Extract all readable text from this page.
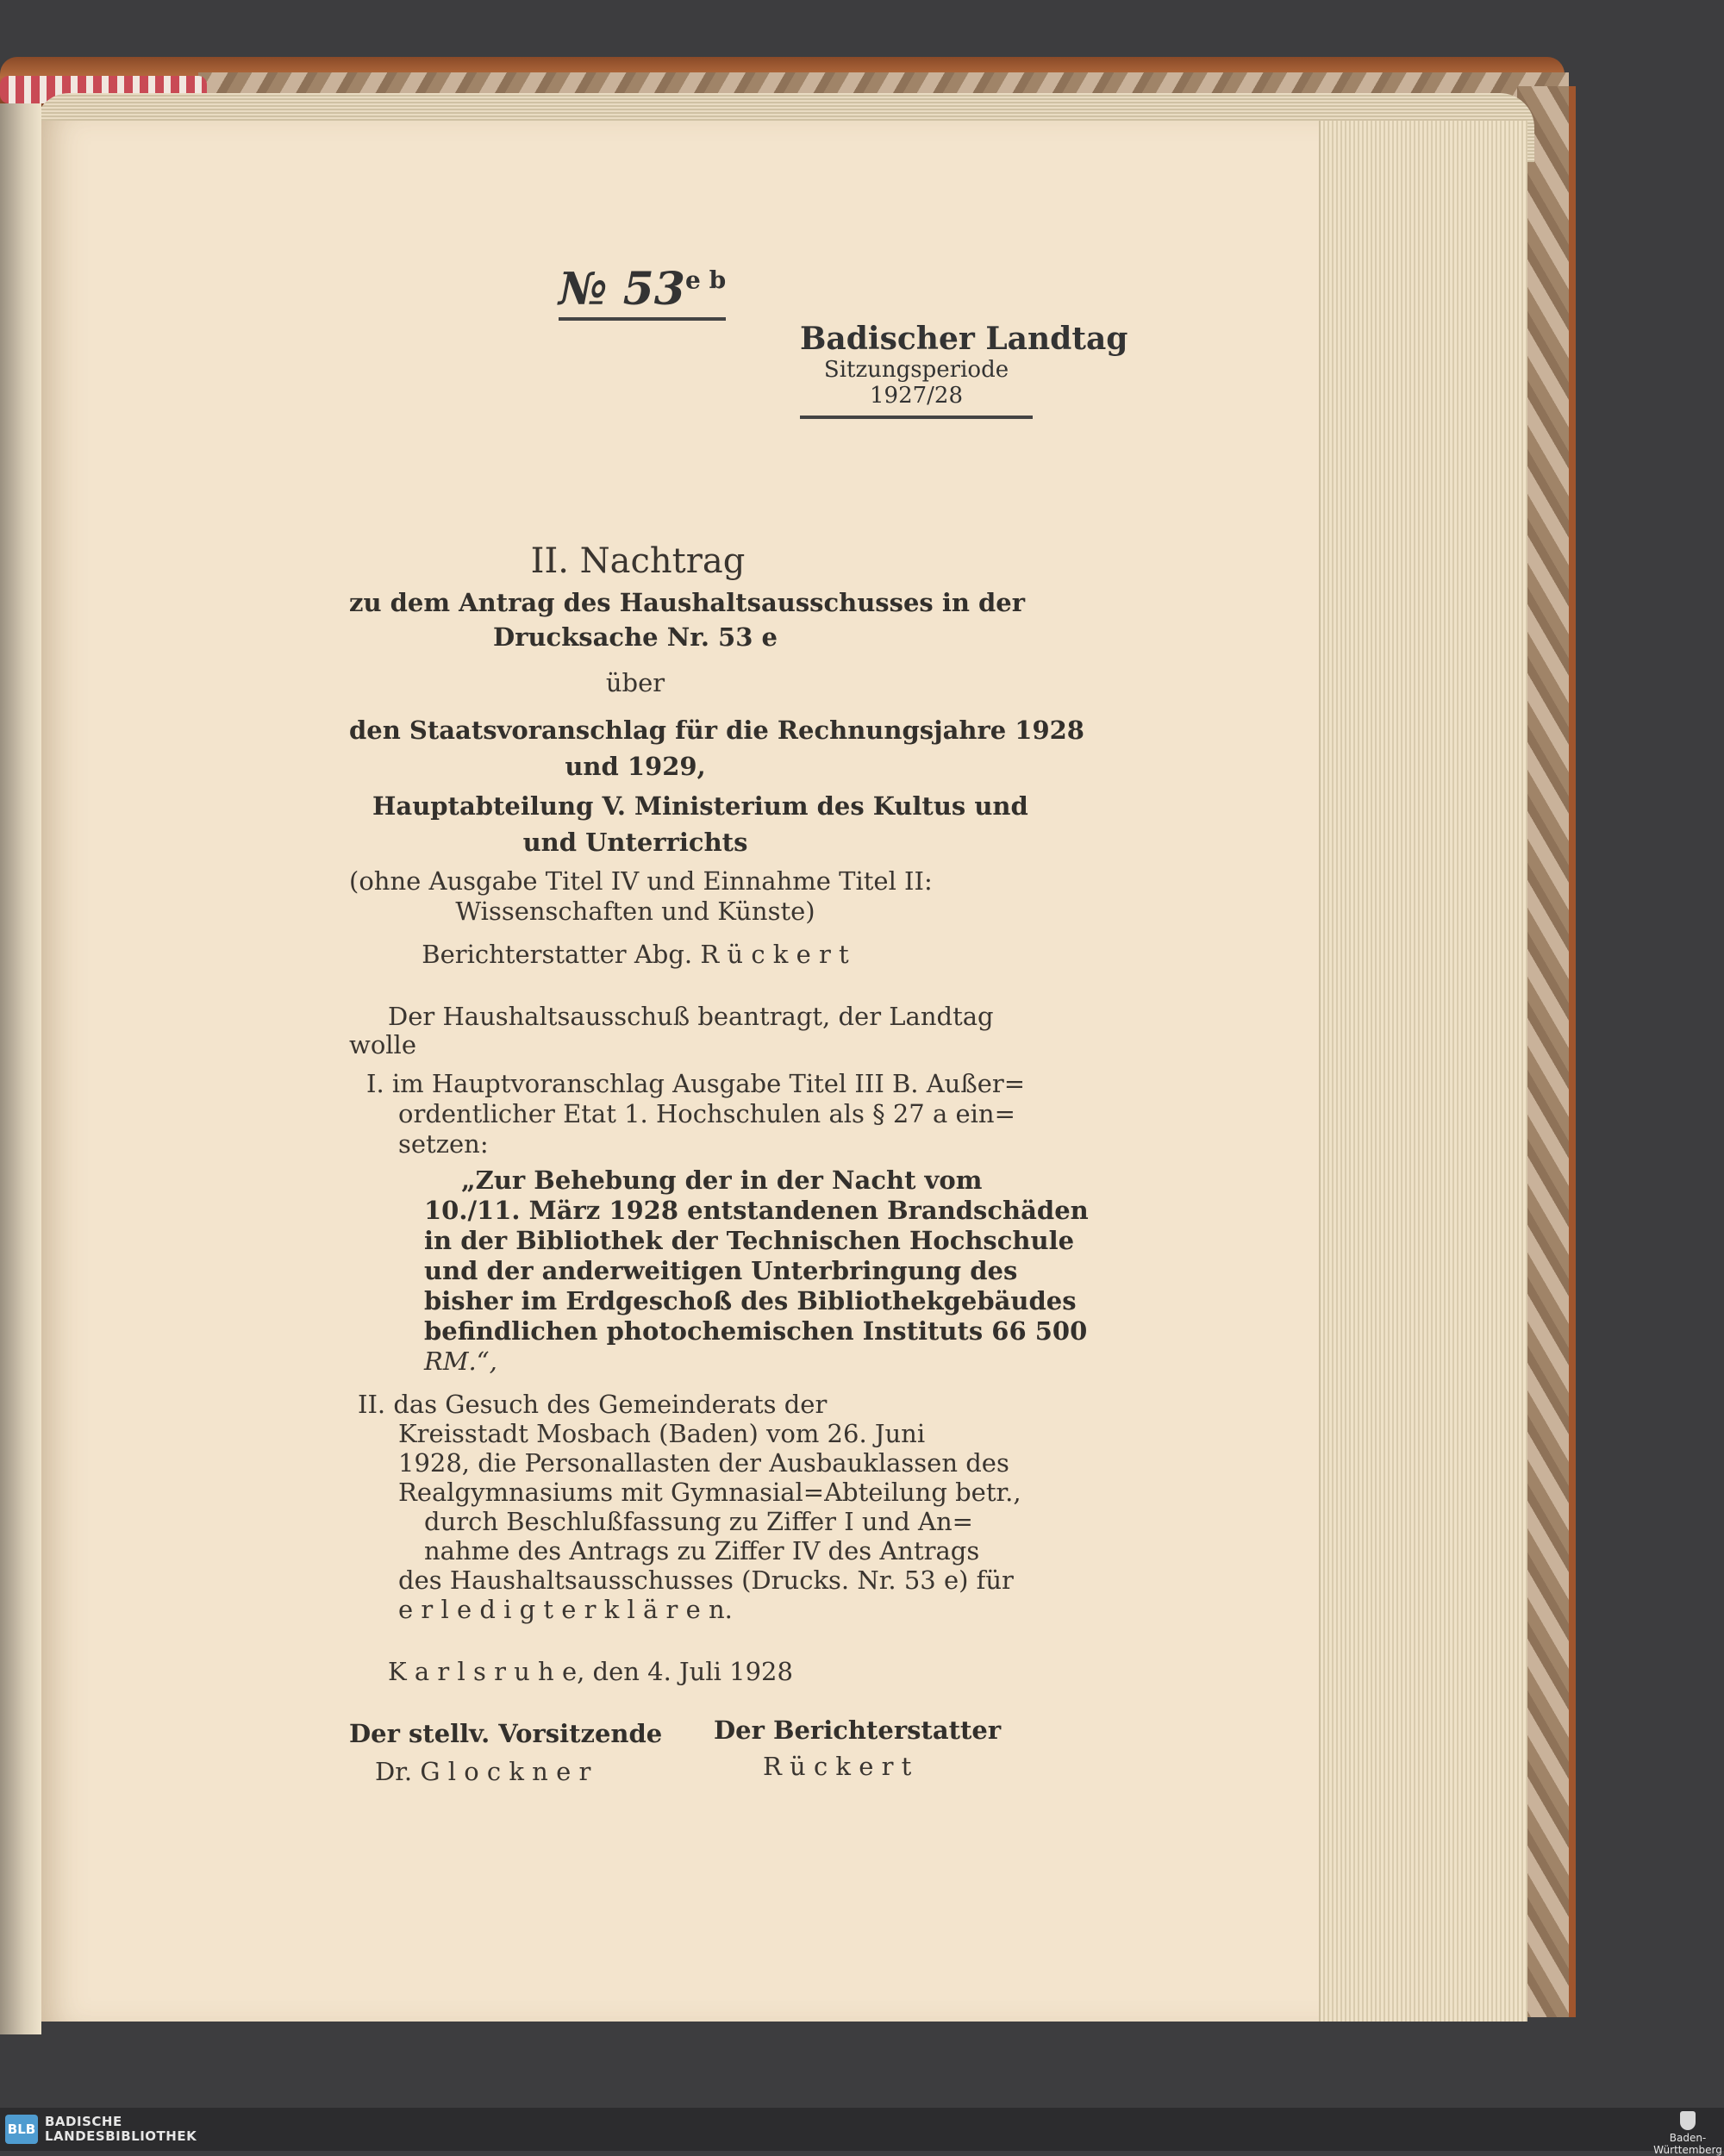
№ $53^{e b}$
Badischer Landtag
Sitzungsperiode
1927/28
II. Nachtrag
zu dem Antrag des Haushaltsausschusses in der
Drucksache Nr. 53 e
über
den Staatsvoranschlag für die Rechnungsjahre 1928
und 1929,
Hauptabteilung V. Ministerium des Kultus und
und Unterrichts
(ohne Ausgabe Titel IV und Einnahme Titel II:
Wissenschaften und Künste)
Berichterstatter Abg. R ü c k e r t
Der Haushaltsausschuß beantragt, der Landtag
wolle
I. im Hauptvoranschlag Ausgabe Titel III B. Außer=
ordentlicher Etat 1. Hochschulen als § 27 a ein=
setzen:
„Zur Behebung der in der Nacht vom
10./11. März 1928 entstandenen Brandschäden
in der Bibliothek der Technischen Hochschule
und der anderweitigen Unterbringung des
bisher im Erdgeschoß des Bibliothekgebäudes
befindlichen photochemischen Instituts 66 500
RM.“,
II. das Gesuch des Gemeinderats der
Kreisstadt Mosbach (Baden) vom 26. Juni
1928, die Personallasten der Ausbauklassen des
Realgymnasiums mit Gymnasial=Abteilung betr.,
durch Beschlußfassung zu Ziffer I und An=
nahme des Antrags zu Ziffer IV des Antrags
des Haushaltsausschusses (Drucks. Nr. 53 e) für
e r l e d i g t e r k l ä r e n.
K a r l s r u h e, den 4. Juli 1928
Der stellv. Vorsitzende
Dr. G l o c k n e r
Der Berichterstatter
R ü c k e r t
BLB BADISCHE
LANDESBIBLIOTHEK	Baden-Württemberg
